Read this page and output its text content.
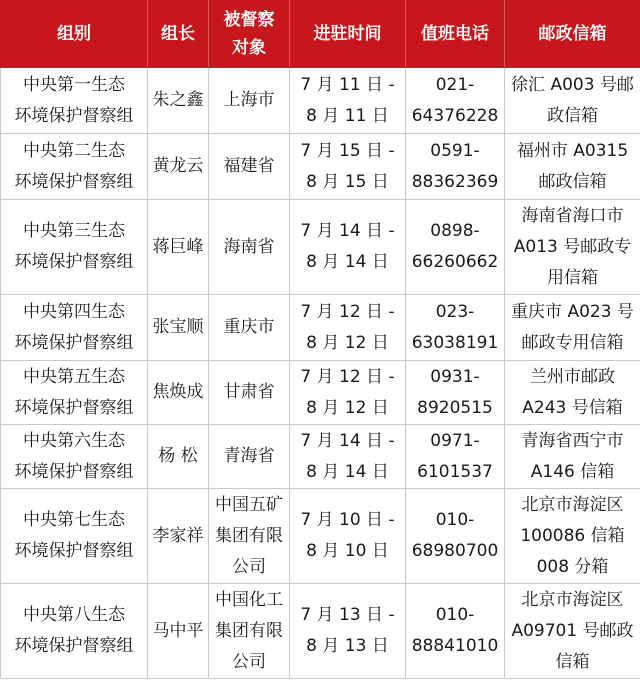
组别	组长	被督察
对象	进驻时间	值班电话	邮政信箱

中央第一生态
环境保护督察组	朱之鑫	上海市	7 月 11 日 -
8 月 11 日	021-
64376228	徐汇 A003 号邮
政信箱

中央第二生态
环境保护督察组	黄龙云	福建省	7 月 15 日 -
8 月 15 日	0591-
88362369	福州市 A0315
邮政信箱

中央第三生态
环境保护督察组	蒋巨峰	海南省	7 月 14 日 -
8 月 14 日	0898-
66260662	海南省海口市
A013 号邮政专
用信箱

中央第四生态
环境保护督察组	张宝顺	重庆市	7 月 12 日 -
8 月 12 日	023-
63038191	重庆市 A023 号
邮政专用信箱

中央第五生态
环境保护督察组	焦焕成	甘肃省	7 月 12 日 -
8 月 12 日	0931-
8920515	兰州市邮政
A243 号信箱

中央第六生态
环境保护督察组	杨 松	青海省	7 月 14 日 -
8 月 14 日	0971-
6101537	青海省西宁市
A146 信箱

中央第七生态
环境保护督察组	李家祥	中国五矿
集团有限
公司	7 月 10 日 -
8 月 10 日	010-
68980700	北京市海淀区
100086 信箱
008 分箱

中央第八生态
环境保护督察组	马中平	中国化工
集团有限
公司	7 月 13 日 -
8 月 13 日	010-
88841010	北京市海淀区
A09701 号邮政
信箱
